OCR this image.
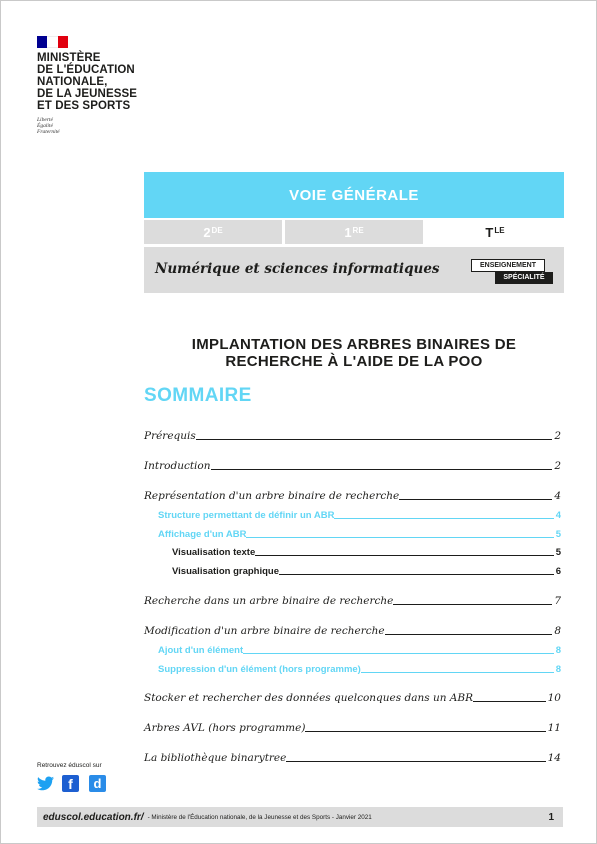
MINISTÈRE
DE L'ÉDUCATION
NATIONALE,
DE LA JEUNESSE
ET DES SPORTS
Liberté
Égalité
Fraternité
VOIE GÉNÉRALE
2DE	1RE	$T^{LE}$
Numérique et sciences informatiques	ENSEIGNEMENT
SPÉCIALITÉ
IMPLANTATION DES ARBRES BINAIRES DE
RECHERCHE À L'AIDE DE LA POO
SOMMAIRE
Prérequis	2
Introduction	2
Représentation d'un arbre binaire de recherche	4
Structure permettant de définir un ABR	4
Affichage d'un ABR	5
Visualisation texte	5
Visualisation graphique	6
Recherche dans un arbre binaire de recherche	7
Modification d'un arbre binaire de recherche	8
Ajout d'un élément	8
Suppression d'un élément (hors programme)	8
Stocker et rechercher des données quelconques dans un ABR	10
Arbres AVL (hors programme)	11
La bibliothèque binarytree	14
Retrouvez éduscol sur
f	d
eduscol.education.fr/ - Ministère de l'Éducation nationale, de la Jeunesse et des Sports - Janvier 2021	1
